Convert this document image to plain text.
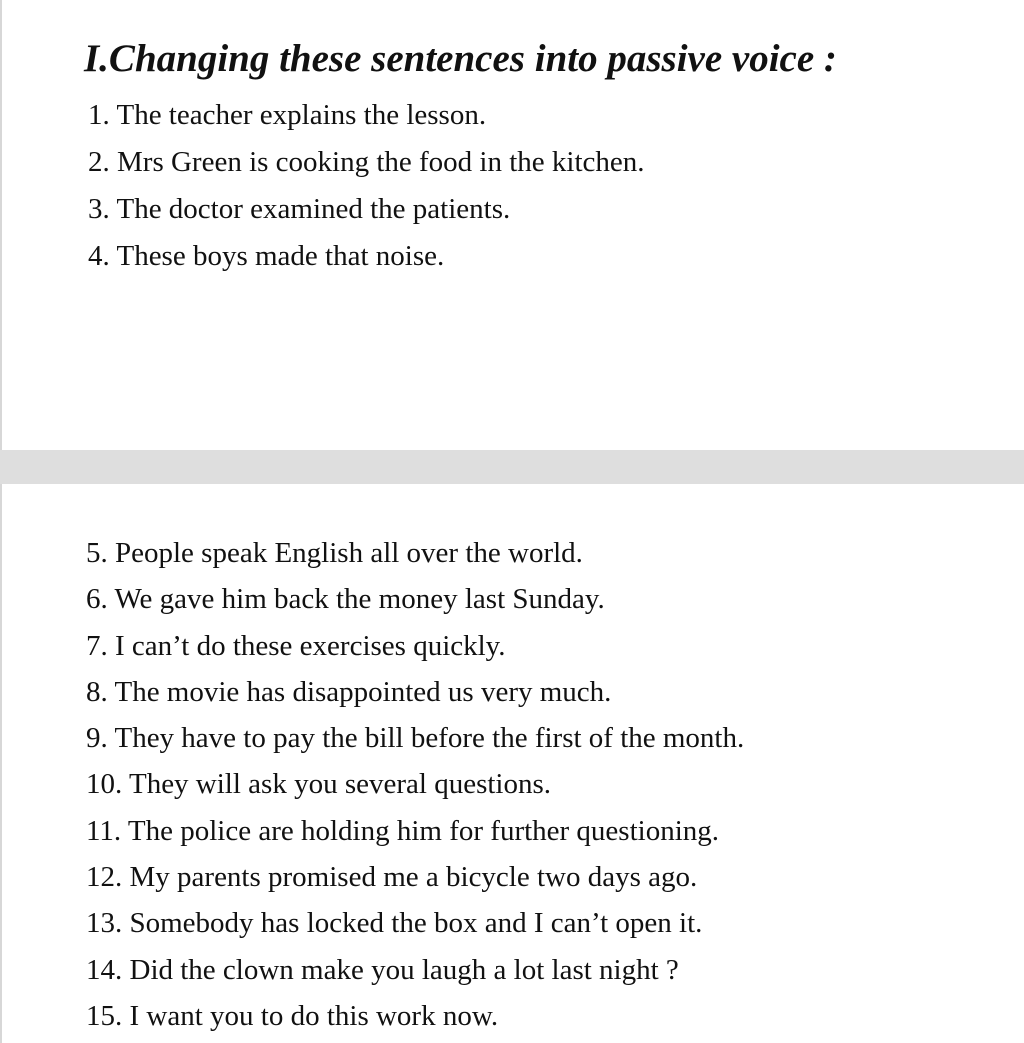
I.Changing these sentences into passive voice :
1. The teacher explains the lesson.
2. Mrs Green is cooking the food in the kitchen.
3. The doctor examined the patients.
4. These boys made that noise.
5. People speak English all over the world.
6. We gave him back the money last Sunday.
7. I can’t do these exercises quickly.
8. The movie has disappointed us very much.
9. They have to pay the bill before the first of the month.
10. They will ask you several questions.
11. The police are holding him for further questioning.
12. My parents promised me a bicycle two days ago.
13. Somebody has locked the box and I can’t open it.
14. Did the clown make you laugh a lot last night ?
15. I want you to do this work now.
